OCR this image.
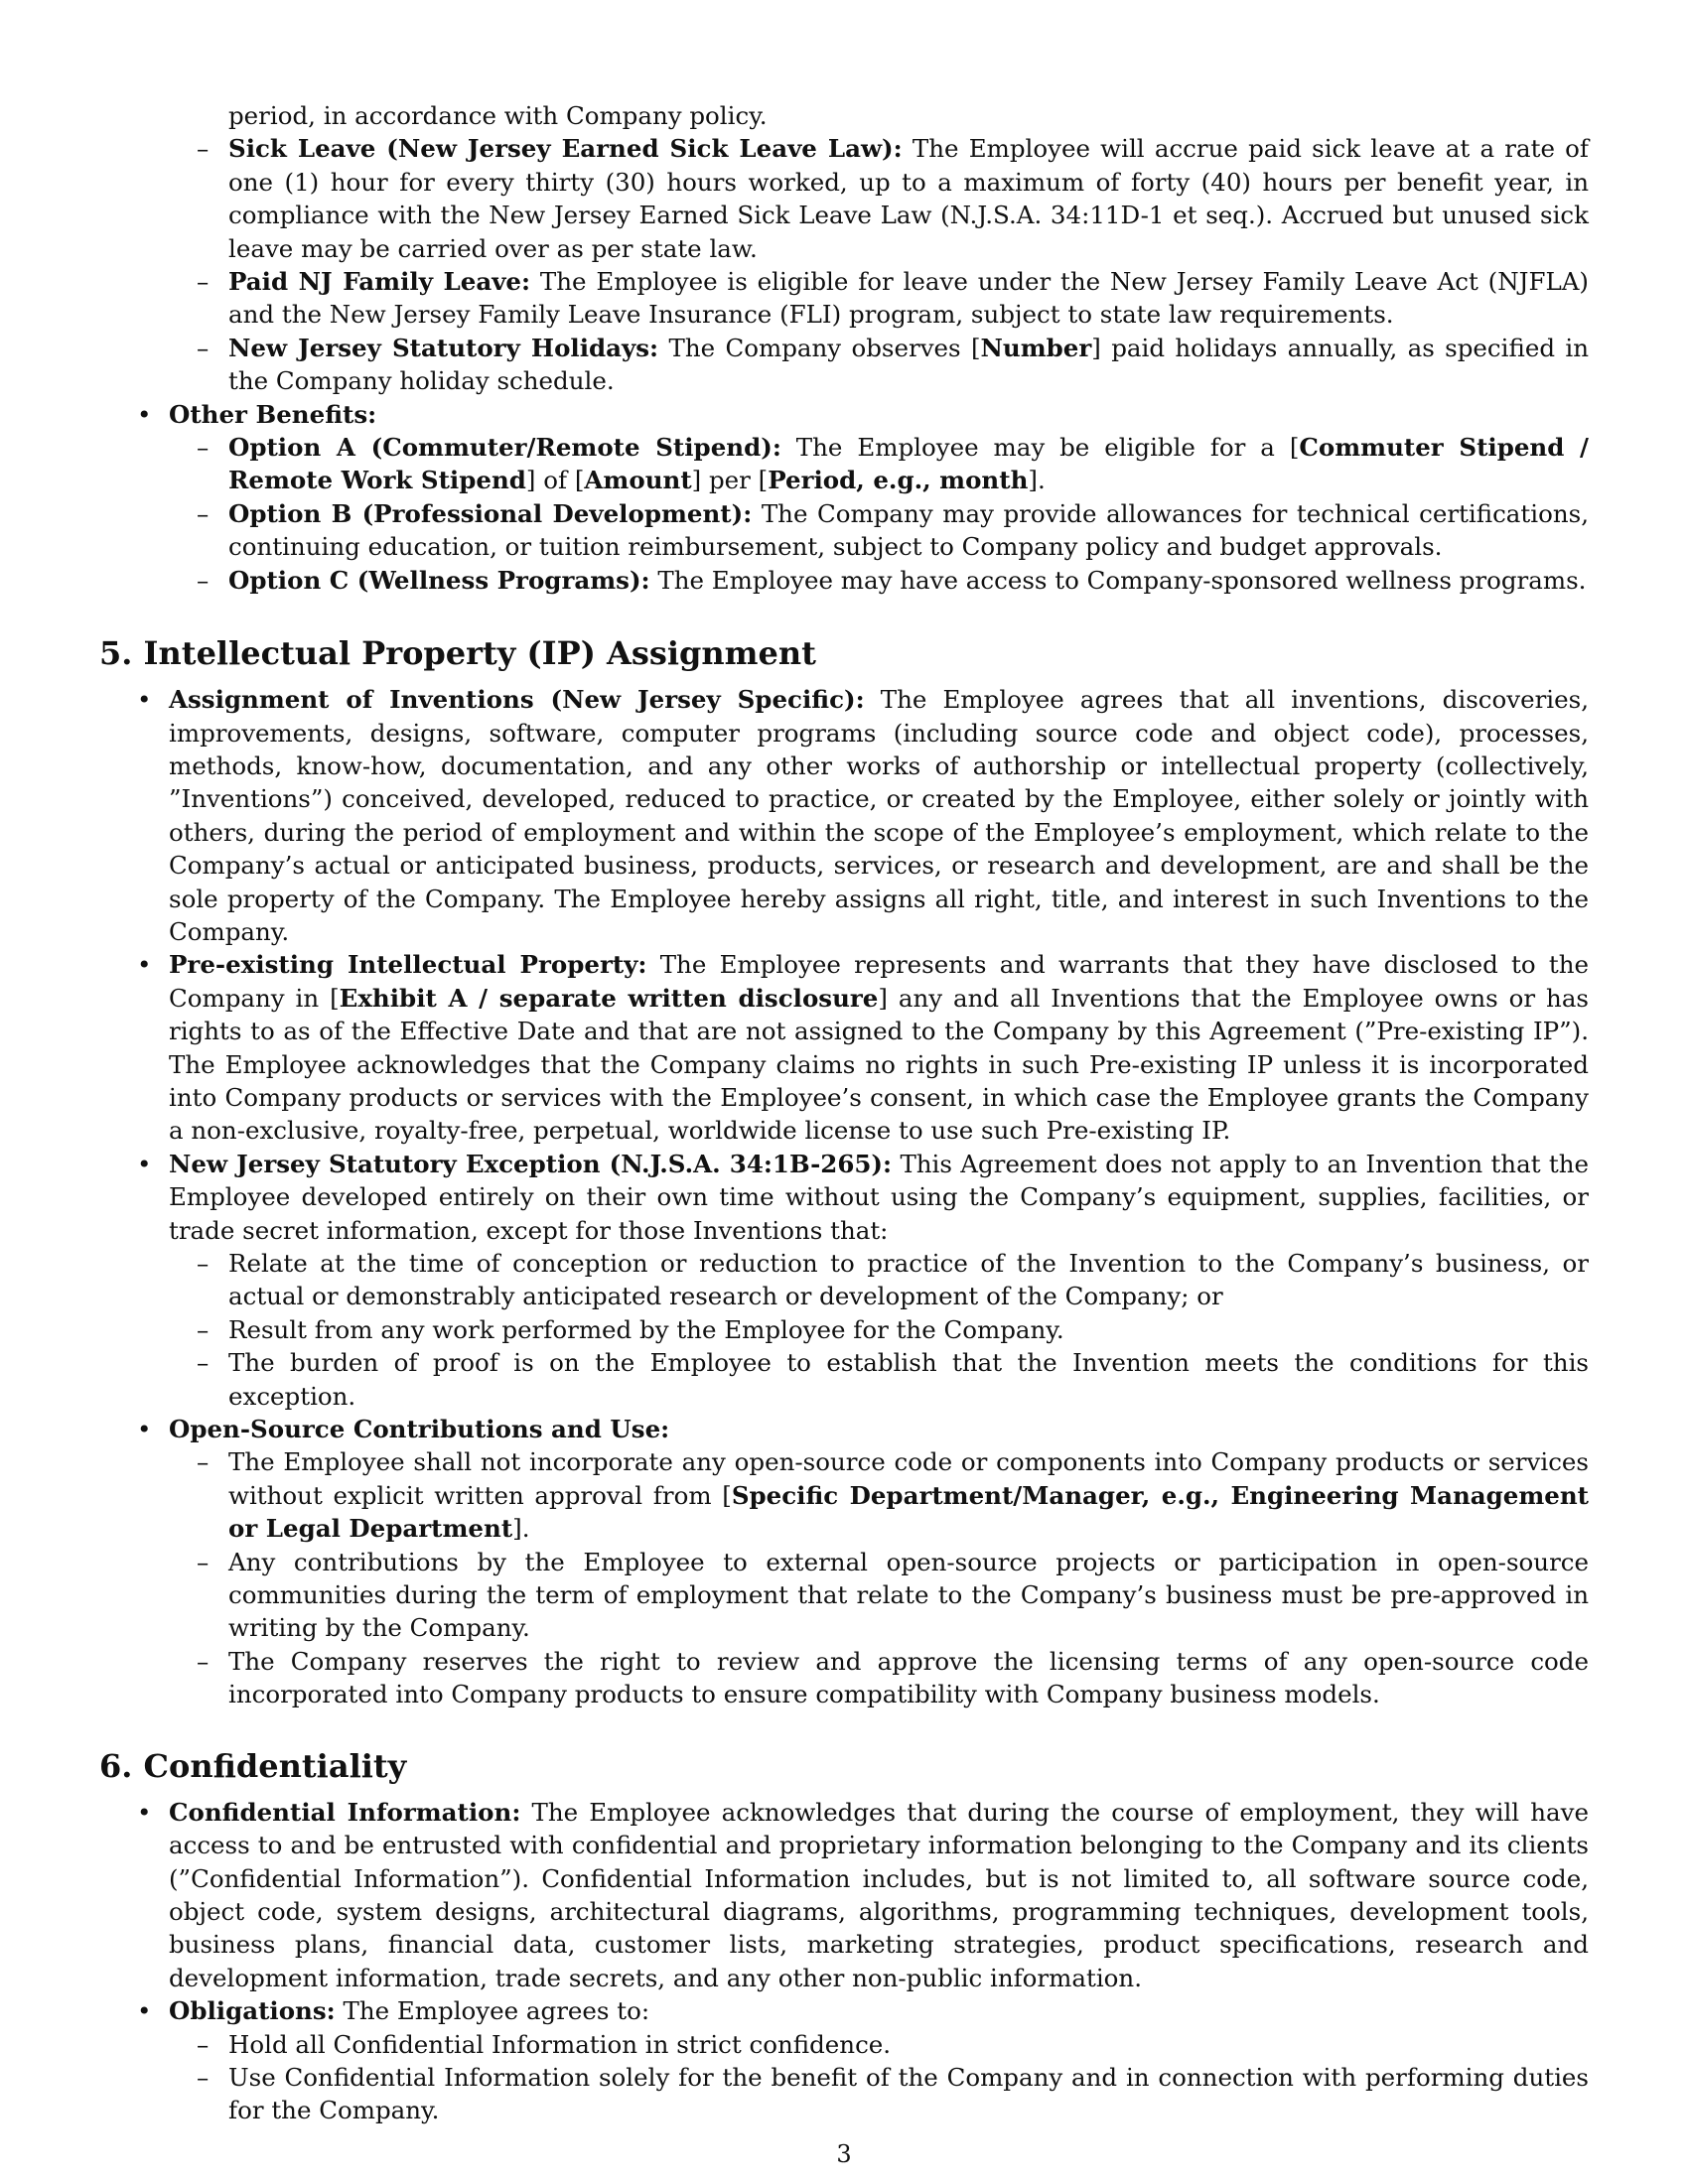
period, in accordance with Company policy.

– Sick Leave (New Jersey Earned Sick Leave Law): The Employee will accrue paid sick leave at a rate of one (1) hour for every thirty (30) hours worked, up to a maximum of forty (40) hours per benefit year, in compliance with the New Jersey Earned Sick Leave Law (N.J.S.A. 34:11D-1 et seq.). Accrued but unused sick leave may be carried over as per state law.
– Paid NJ Family Leave: The Employee is eligible for leave under the New Jersey Family Leave Act (NJFLA) and the New Jersey Family Leave Insurance (FLI) program, subject to state law requirements.
– New Jersey Statutory Holidays: The Company observes [Number] paid holidays annually, as specified in the Company holiday schedule.
• Other Benefits:
– Option A (Commuter/Remote Stipend): The Employee may be eligible for a [Commuter Stipend / Remote Work Stipend] of [Amount] per [Period, e.g., month].
– Option B (Professional Development): The Company may provide allowances for technical certifications, continuing education, or tuition reimbursement, subject to Company policy and budget approvals.
– Option C (Wellness Programs): The Employee may have access to Company-sponsored wellness programs.
5. Intellectual Property (IP) Assignment
• Assignment of Inventions (New Jersey Specific): The Employee agrees that all inventions, discoveries, improvements, designs, software, computer programs (including source code and object code), processes, methods, know-how, documentation, and any other works of authorship or intellectual property (collectively, ”Inventions”) conceived, developed, reduced to practice, or created by the Employee, either solely or jointly with others, during the period of employment and within the scope of the Employee’s employment, which relate to the Company’s actual or anticipated business, products, services, or research and development, are and shall be the sole property of the Company. The Employee hereby assigns all right, title, and interest in such Inventions to the Company.
• Pre-existing Intellectual Property: The Employee represents and warrants that they have disclosed to the Company in [Exhibit A / separate written disclosure] any and all Inventions that the Employee owns or has rights to as of the Effective Date and that are not assigned to the Company by this Agreement (”Pre-existing IP”). The Employee acknowledges that the Company claims no rights in such Pre-existing IP unless it is incorporated into Company products or services with the Employee’s consent, in which case the Employee grants the Company a non-exclusive, royalty-free, perpetual, worldwide license to use such Pre-existing IP.
• New Jersey Statutory Exception (N.J.S.A. 34:1B-265): This Agreement does not apply to an Invention that the Employee developed entirely on their own time without using the Company’s equipment, supplies, facilities, or trade secret information, except for those Inventions that:
– Relate at the time of conception or reduction to practice of the Invention to the Company’s business, or actual or demonstrably anticipated research or development of the Company; or
– Result from any work performed by the Employee for the Company.
– The burden of proof is on the Employee to establish that the Invention meets the conditions for this exception.
• Open-Source Contributions and Use:
– The Employee shall not incorporate any open-source code or components into Company products or services without explicit written approval from [Specific Department/Manager, e.g., Engineering Management or Legal Department].
– Any contributions by the Employee to external open-source projects or participation in open-source communities during the term of employment that relate to the Company’s business must be pre-approved in writing by the Company.
– The Company reserves the right to review and approve the licensing terms of any open-source code incorporated into Company products to ensure compatibility with Company business models.
6. Confidentiality
• Confidential Information: The Employee acknowledges that during the course of employment, they will have access to and be entrusted with confidential and proprietary information belonging to the Company and its clients (”Confidential Information”). Confidential Information includes, but is not limited to, all software source code, object code, system designs, architectural diagrams, algorithms, programming techniques, development tools, business plans, financial data, customer lists, marketing strategies, product specifications, research and development information, trade secrets, and any other non-public information.
• Obligations: The Employee agrees to:
– Hold all Confidential Information in strict confidence.
– Use Confidential Information solely for the benefit of the Company and in connection with performing duties for the Company.
3
